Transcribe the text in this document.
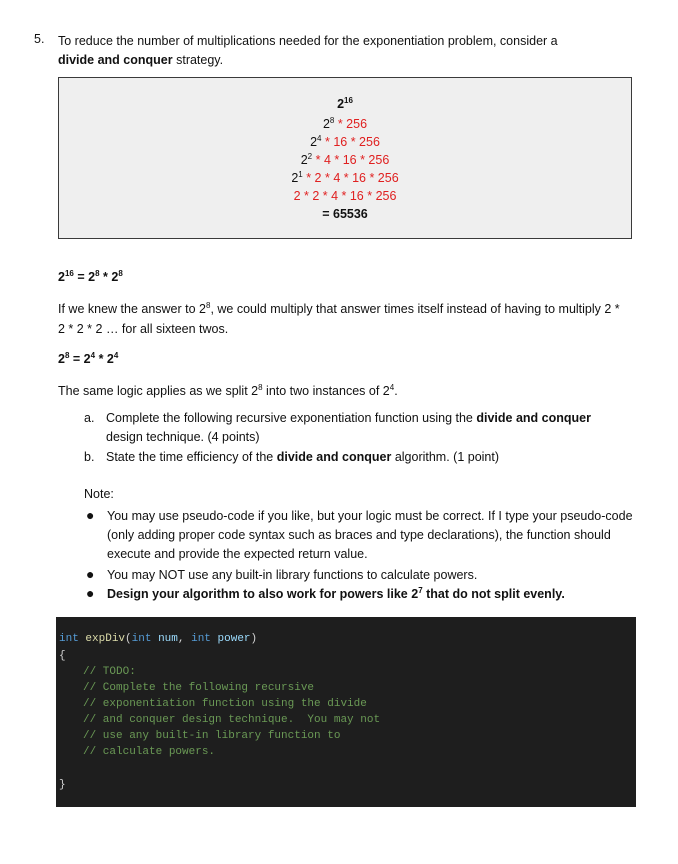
5. To reduce the number of multiplications needed for the exponentiation problem, consider a
divide and conquer strategy.
$2^{16}$
$2^8 * 256$
$2^4 * 16 * 256$
$2^2 * 4 * 16 * 256$
$2^1 * 2 * 4 * 16 * 256$
2 * 2 * 4 * 16 * 256
= 65536
$2^{16} = 2^8 * 2^8$
If we knew the answer to $2^8$, we could multiply that answer times itself instead of having to multiply 2 * 2 * 2 * 2 … for all sixteen twos.
$2^8 = 2^4 * 2^4$
The same logic applies as we split $2^8$ into two instances of $2^4$.
a. Complete the following recursive exponentiation function using the divide and conquer
design technique. (4 points)
b. State the time efficiency of the divide and conquer algorithm. (1 point)
Note:
● You may use pseudo-code if you like, but your logic must be correct. If I type your pseudo-code (only adding proper code syntax such as braces and type declarations), the function should execute and provide the expected return value.
● You may NOT use any built-in library functions to calculate powers.
● Design your algorithm to also work for powers like $2^7$ that do not split evenly.
int expDiv(int num, int power)
{
// TODO:
// Complete the following recursive
// exponentiation function using the divide
// and conquer design technique.  You may not
// use any built-in library function to
// calculate powers.
}
